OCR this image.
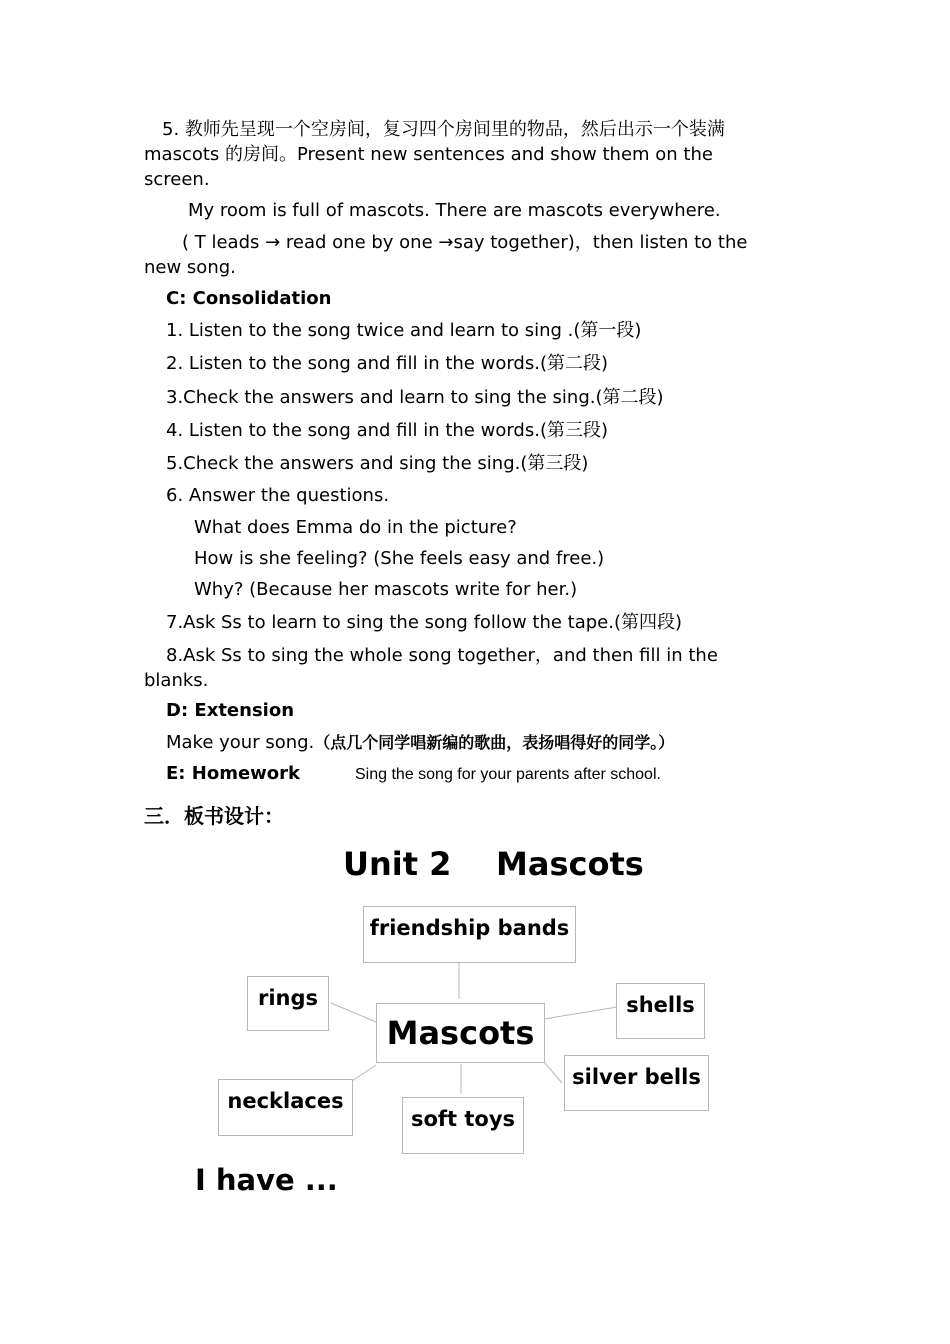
5. 教师先呈现一个空房间，复习四个房间里的物品，然后出示一个装满
mascots 的房间。Present new sentences and show them on the
screen.
My room is full of mascots. There are mascots everywhere.
( T leads → read one by one →say together)，then listen to the
new song.
C: Consolidation
1. Listen to the song twice and learn to sing .(第一段)
2. Listen to the song and fill in the words.(第二段)
3.Check the answers and learn to sing the sing.(第二段)
4. Listen to the song and fill in the words.(第三段)
5.Check the answers and sing the sing.(第三段)
6. Answer the questions.
What does Emma do in the picture?
How is she feeling? (She feels easy and free.)
Why? (Because her mascots write for her.)
7.Ask Ss to learn to sing the song follow the tape.(第四段)
8.Ask Ss to sing the whole song together，and then fill in the
blanks.
D: Extension
Make your song.（点几个同学唱新编的歌曲，表扬唱得好的同学。）
E: Homework	Sing the song for your parents after school.
三．板书设计：
Unit 2    Mascots
friendship bands
rings
Mascots
shells
silver bells
necklaces
soft toys
I have ...
